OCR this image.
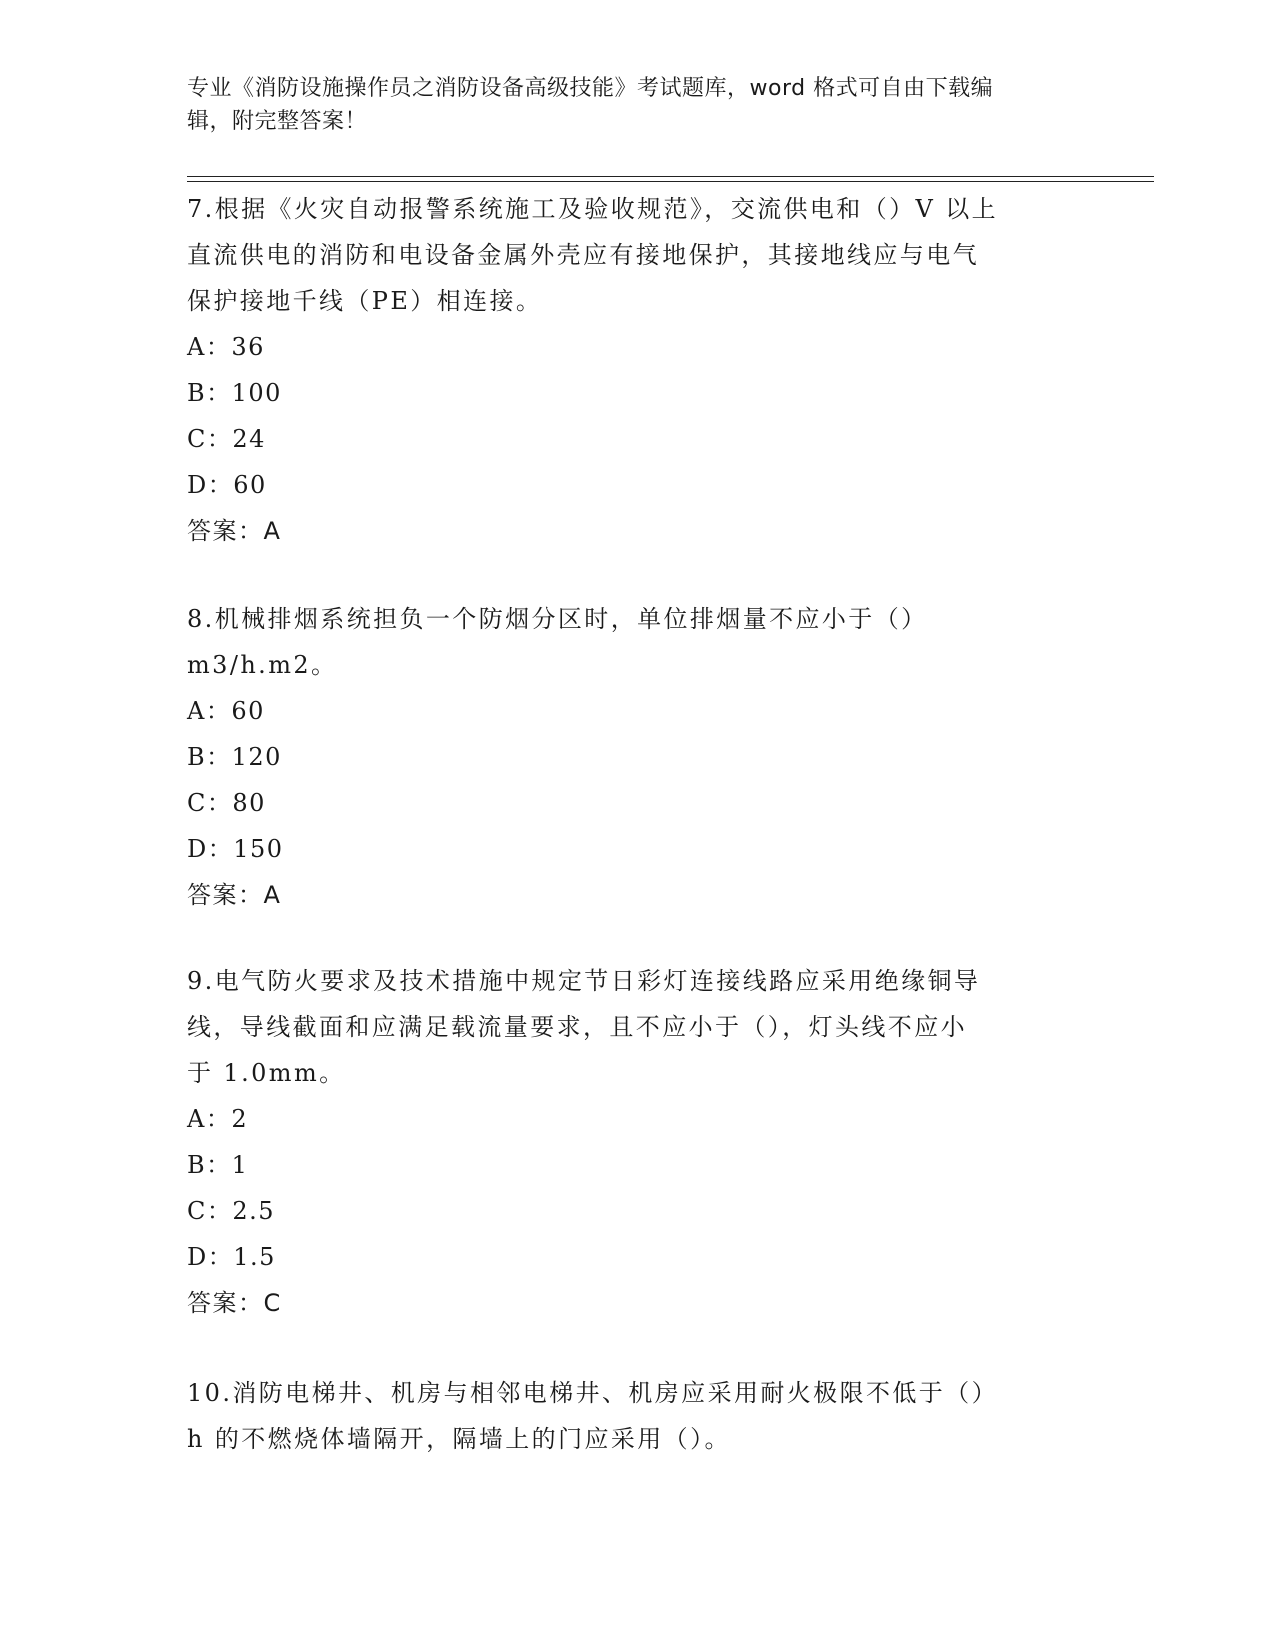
专业《消防设施操作员之消防设备高级技能》考试题库，word 格式可自由下载编
辑，附完整答案！

7.根据《火灾自动报警系统施工及验收规范》，交流供电和（）V 以上

直流供电的消防和电设备金属外壳应有接地保护，其接地线应与电气

保护接地千线（PE）相连接。

A：36

B：100

C：24

D：60

答案：A

8.机械排烟系统担负一个防烟分区时，单位排烟量不应小于（）

m3/h.m2。

A：60

B：120

C：80

D：150

答案：A

9.电气防火要求及技术措施中规定节日彩灯连接线路应采用绝缘铜导

线，导线截面和应满足载流量要求，且不应小于（），灯头线不应小

于 1.0mm。

A：2

B：1

C：2.5

D：1.5

答案：C

10.消防电梯井、机房与相邻电梯井、机房应采用耐火极限不低于（）

h 的不燃烧体墙隔开，隔墙上的门应采用（）。
